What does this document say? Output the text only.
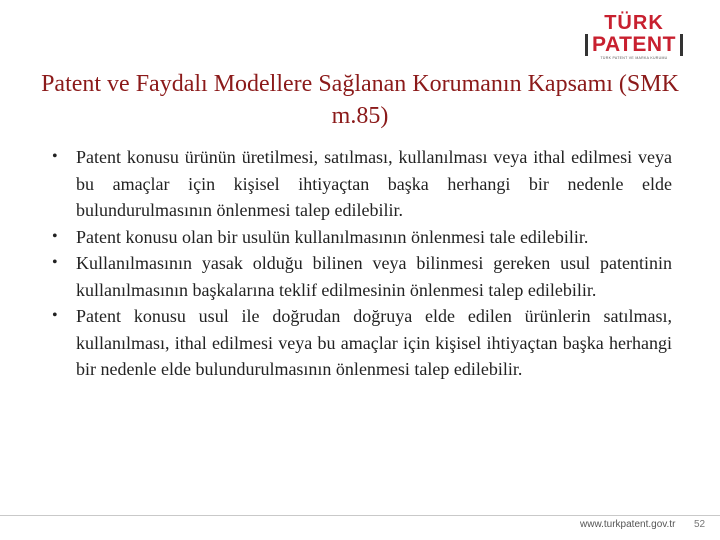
TÜRK
PATENT
TÜRK PATENT VE MARKA KURUMU
Patent ve Faydalı Modellere Sağlanan Korumanın Kapsamı (SMK m.85)
• Patent konusu ürünün üretilmesi, satılması, kullanılması veya ithal edilmesi veya bu amaçlar için kişisel ihtiyaçtan başka herhangi bir nedenle elde bulundurulmasının önlenmesi talep edilebilir.
• Patent konusu olan bir usulün kullanılmasının önlenmesi tale edilebilir.
• Kullanılmasının yasak olduğu bilinen veya bilinmesi gereken usul patentinin kullanılmasının başkalarına teklif edilmesinin önlenmesi talep edilebilir.
• Patent konusu usul ile doğrudan doğruya elde edilen ürünlerin satılması, kullanılması, ithal edilmesi veya bu amaçlar için kişisel ihtiyaçtan başka herhangi bir nedenle elde bulundurulmasının önlenmesi talep edilebilir.
www.turkpatent.gov.tr 52
